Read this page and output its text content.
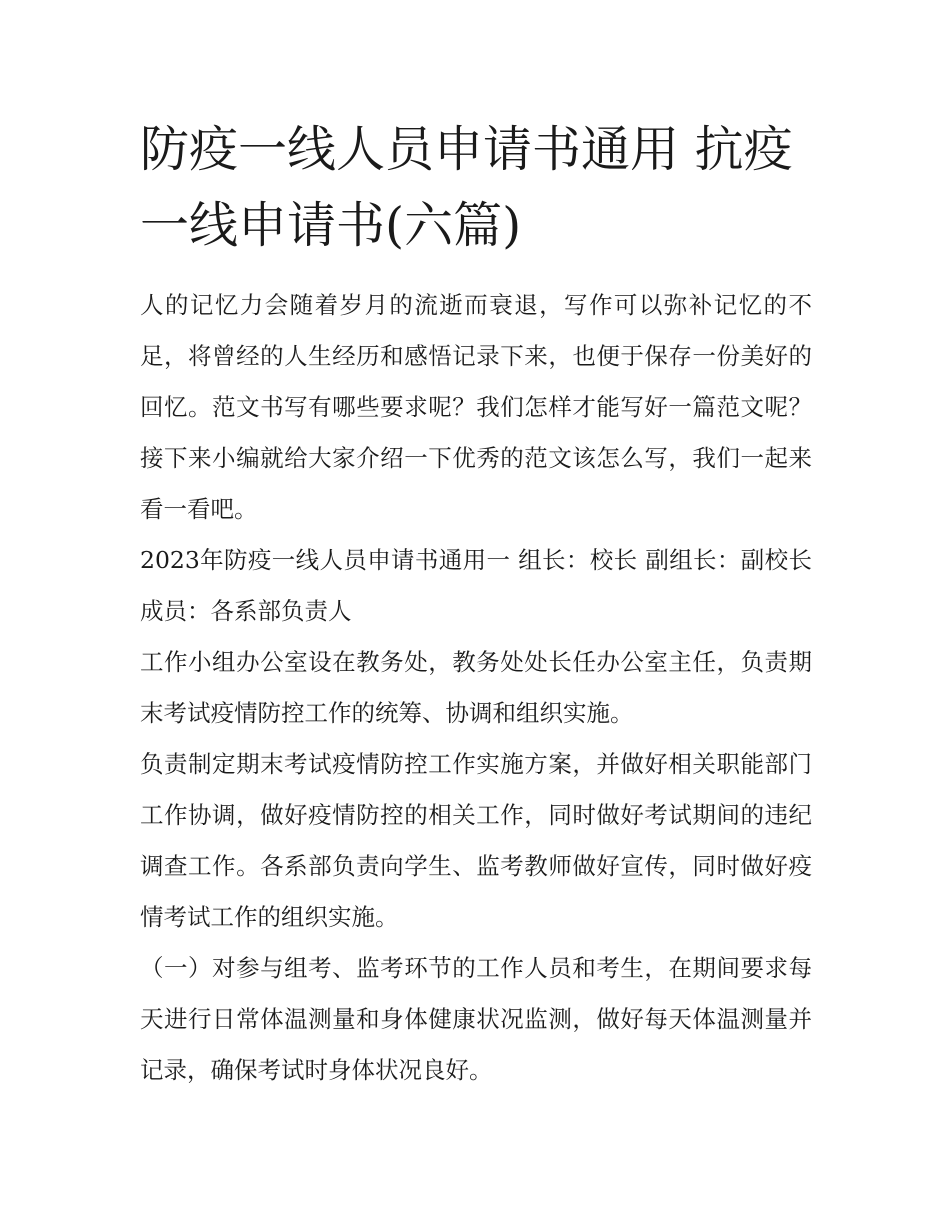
防疫一线人员申请书通用 抗疫一线申请书(六篇)

人的记忆力会随着岁月的流逝而衰退，写作可以弥补记忆的不足，将曾经的人生经历和感悟记录下来，也便于保存一份美好的回忆。范文书写有哪些要求呢？我们怎样才能写好一篇范文呢？接下来小编就给大家介绍一下优秀的范文该怎么写，我们一起来看一看吧。

2023年防疫一线人员申请书通用一 组长：校长 副组长：副校长 成员：各系部负责人

工作小组办公室设在教务处，教务处处长任办公室主任，负责期末考试疫情防控工作的统筹、协调和组织实施。

负责制定期末考试疫情防控工作实施方案，并做好相关职能部门工作协调，做好疫情防控的相关工作，同时做好考试期间的违纪调查工作。各系部负责向学生、监考教师做好宣传，同时做好疫情考试工作的组织实施。

（一）对参与组考、监考环节的工作人员和考生，在期间要求每天进行日常体温测量和身体健康状况监测，做好每天体温测量并记录，确保考试时身体状况良好。
